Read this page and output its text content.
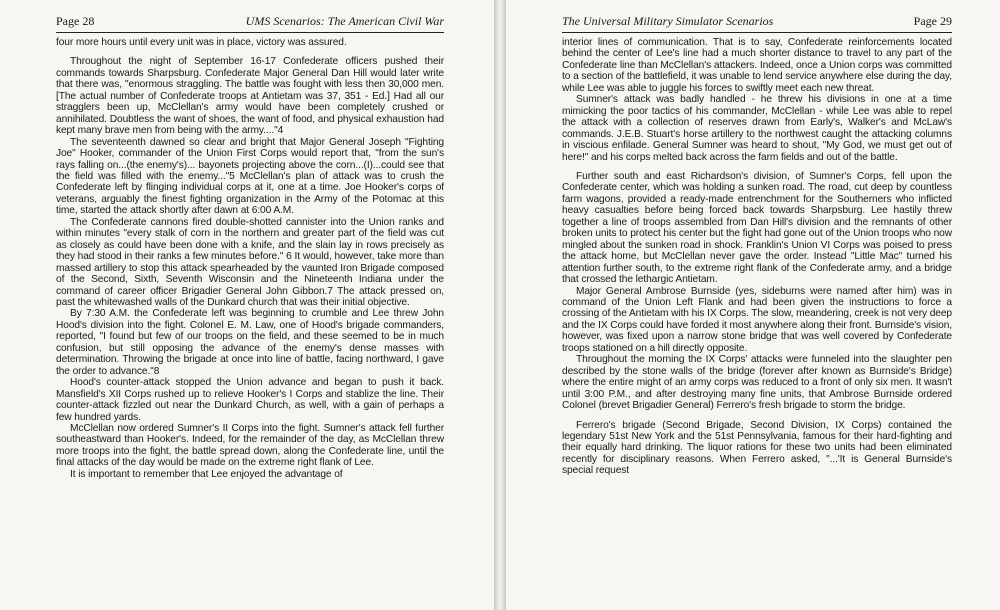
Page 28	UMS Scenarios: The American Civil War

four more hours until every unit was in place, victory was assured.

Throughout the night of September 16-17 Confederate officers pushed their commands towards Sharpsburg. Confederate Major General Dan Hill would later write that there was, "enormous straggling. The battle was fought with less then 30,000 men. [The actual number of Confederate troops at Antietam was 37, 351 - Ed.] Had all our stragglers been up, McClellan's army would have been completely crushed or annihilated. Doubtless the want of shoes, the want of food, and physical exhaustion had kept many brave men from being with the army...."4

The seventeenth dawned so clear and bright that Major General Joseph "Fighting Joe" Hooker, commander of the Union First Corps would report that, "from the sun's rays falling on...(the enemy's)... bayonets projecting above the corn...(I)...could see that the field was filled with the enemy..."5 McClellan's plan of attack was to crush the Confederate left by flinging individual corps at it, one at a time. Joe Hooker's corps of veterans, arguably the finest fighting organization in the Army of the Potomac at this time, started the attack shortly after dawn at 6:00 A.M.

The Confederate cannons fired double-shotted cannister into the Union ranks and within minutes "every stalk of corn in the northern and greater part of the field was cut as closely as could have been done with a knife, and the slain lay in rows precisely as they had stood in their ranks a few minutes before." 6 It would, however, take more than massed artillery to stop this attack spearheaded by the vaunted Iron Brigade composed of the Second, Sixth, Seventh Wisconsin and the Nineteenth Indiana under the command of career officer Brigadier General John Gibbon.7 The attack pressed on, past the whitewashed walls of the Dunkard church that was their initial objective.

By 7:30 A.M. the Confederate left was beginning to crumble and Lee threw John Hood's division into the fight. Colonel E. M. Law, one of Hood's brigade commanders, reported, "I found but few of our troops on the field, and these seemed to be in much confusion, but still opposing the advance of the enemy's dense masses with determination. Throwing the brigade at once into line of battle, facing northward, I gave the order to advance."8

Hood's counter-attack stopped the Union advance and began to push it back. Mansfield's XII Corps rushed up to relieve Hooker's I Corps and stablize the line. Their counter-attack fizzled out near the Dunkard Church, as well, with a gain of perhaps a few hundred yards.

McClellan now ordered Sumner's II Corps into the fight. Sumner's attack fell further southeastward than Hooker's. Indeed, for the remainder of the day, as McClellan threw more troops into the fight, the battle spread down, along the Confederate line, until the final attacks of the day would be made on the extreme right flank of Lee.

It is important to remember that Lee enjoyed the advantage of

The Universal Military Simulator Scenarios	Page 29

interior lines of communication. That is to say, Confederate reinforcements located behind the center of Lee's line had a much shorter distance to travel to any part of the Confederate line than McClellan's attackers. Indeed, once a Union corps was committed to a section of the battlefield, it was unable to lend service anywhere else during the day, while Lee was able to juggle his forces to swiftly meet each new threat.

Sumner's attack was badly handled - he threw his divisions in one at a time mimicking the poor tactics of his commander, McClellan - while Lee was able to repel the attack with a collection of reserves drawn from Early's, Walker's and McLaw's commands. J.E.B. Stuart's horse artillery to the northwest caught the attacking columns in viscious enfilade. General Sumner was heard to shout, "My God, we must get out of here!" and his corps melted back across the farm fields and out of the battle.

Further south and east Richardson's division, of Sumner's Corps, fell upon the Confederate center, which was holding a sunken road. The road, cut deep by countless farm wagons, provided a ready-made entrenchment for the Southerners who inflicted heavy casualties before being forced back towards Sharpsburg. Lee hastily threw together a line of troops assembled from Dan Hill's division and the remnants of other broken units to protect his center but the fight had gone out of the Union troops who now mingled about the sunken road in shock. Franklin's Union VI Corps was poised to press the attack home, but McClellan never gave the order. Instead "Little Mac" turned his attention further south, to the extreme right flank of the Confederate army, and a bridge that crossed the lethargic Antietam.

Major General Ambrose Burnside (yes, sideburns were named after him) was in command of the Union Left Flank and had been given the instructions to force a crossing of the Antietam with his IX Corps. The slow, meandering, creek is not very deep and the IX Corps could have forded it most anywhere along their front. Burnside's vision, however, was fixed upon a narrow stone bridge that was well covered by Confederate troops stationed on a hill directly opposite.

Throughout the morning the IX Corps' attacks were funneled into the slaughter pen described by the stone walls of the bridge (forever after known as Burnside's Bridge) where the entire might of an army corps was reduced to a front of only six men. It wasn't until 3:00 P.M., and after destroying many fine units, that Ambrose Burnside ordered Colonel (brevet Brigadier General) Ferrero's fresh brigade to storm the bridge.

Ferrero's brigade (Second Brigade, Second Division, IX Corps) contained the legendary 51st New York and the 51st Pennsylvania, famous for their hard-fighting and their equally hard drinking. The liquor rations for these two units had been eliminated recently for disciplinary reasons. When Ferrero asked, "...'It is General Burnside's special request
